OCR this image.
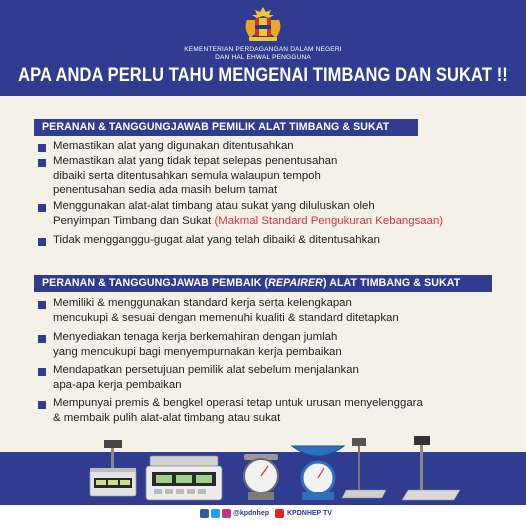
KEMENTERIAN PERDAGANGAN DALAM NEGERI
DAN HAL EHWAL PENGGUNA
APA ANDA PERLU TAHU MENGENAI TIMBANG DAN SUKAT !!
PERANAN & TANGGUNGJAWAB PEMILIK ALAT TIMBANG & SUKAT
Memastikan alat yang digunakan ditentusahkan
Memastikan alat yang tidak tepat selepas penentusahan
dibaiki serta ditentusahkan semula walaupun tempoh
penentusahan sedia ada masih belum tamat
Menggunakan alat-alat timbang atau sukat yang diluluskan oleh
Penyimpan Timbang dan Sukat (Makmal Standard Pengukuran Kebangsaan)
Tidak mengganggu-gugat alat yang telah dibaiki & ditentusahkan
PERANAN & TANGGUNGJAWAB PEMBAIK (REPAIRER) ALAT TIMBANG & SUKAT
Memiliki & menggunakan standard kerja serta kelengkapan
mencukupi & sesuai dengan memenuhi kualiti & standard ditetapkan
Menyediakan tenaga kerja berkemahiran dengan jumlah
yang mencukupi bagi menyempurnakan kerja pembaikan
Mendapatkan persetujuan pemilik alat sebelum menjalankan
apa-apa kerja pembaikan
Mempunyai premis & bengkel operasi tetap untuk urusan menyelenggara
& membaik pulih alat-alat timbang atau sukat
@kpdnhep	KPDNHEP TV
